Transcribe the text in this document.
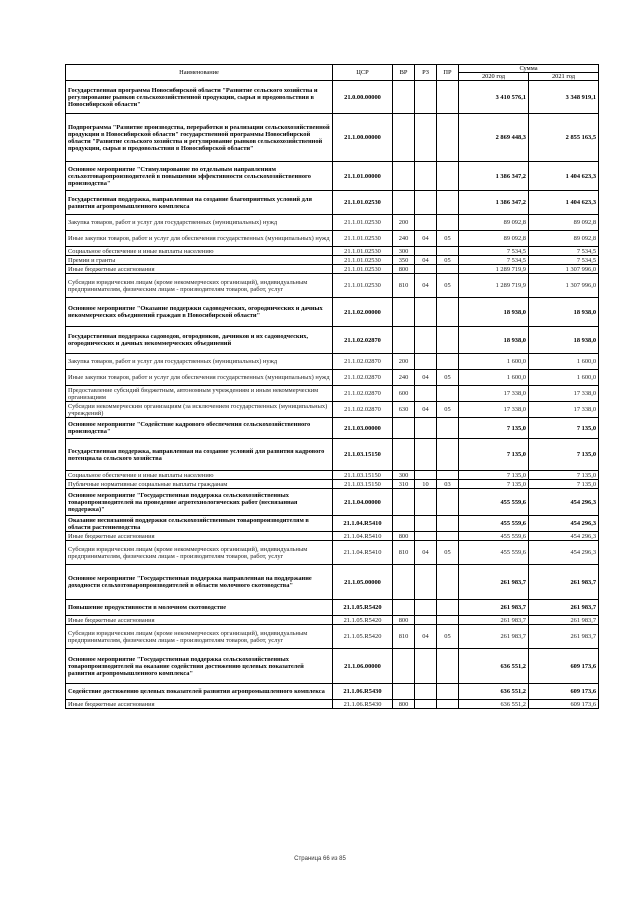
Наименование	ЦСР	ВР	РЗ	ПР	Сумма	
					2020 год	2021 год
Государственная программа Новосибирской области "Развитие сельского хозяйства и регулирование рынков сельскохозяйственной продукции, сырья и продовольствия в Новосибирской области"	21.0.00.00000				3 410 576,1	3 348 919,1
Подпрограмма "Развитие производства, переработки и реализации сельскохозяйственной продукции в Новосибирской области" государственной программы Новосибирской области "Развитие сельского хозяйства и регулирование рынков сельскохозяйственной продукции, сырья и продовольствия в Новосибирской области"	21.1.00.00000				2 869 448,3	2 855 163,5
Основное мероприятие "Стимулирование по отдельным направлениям сельхозтоваропроизводителей в повышении эффективности сельскохозяйственного производства"	21.1.01.00000				1 386 347,2	1 404 623,3
Государственная поддержка, направленная на создание благоприятных условий для развития агропромышленного комплекса	21.1.01.02530				1 386 347,2	1 404 623,3
Закупка товаров, работ и услуг для государственных (муниципальных) нужд	21.1.01.02530	200			89 092,8	89 092,8
Иные закупки товаров, работ и услуг для обеспечения государственных (муниципальных) нужд	21.1.01.02530	240	04	05	89 092,8	89 092,8
Социальное обеспечение и иные выплаты населению	21.1.01.02530	300			7 534,5	7 534,5
Премии и гранты	21.1.01.02530	350	04	05	7 534,5	7 534,5
Иные бюджетные ассигнования	21.1.01.02530	800			1 289 719,9	1 307 996,0
Субсидии юридическим лицам (кроме некоммерческих организаций), индивидуальным предпринимателям, физическим лицам - производителям товаров, работ, услуг	21.1.01.02530	810	04	05	1 289 719,9	1 307 996,0
Основное мероприятие "Оказание поддержки садоводческих, огороднических и дачных некоммерческих объединений граждан в Новосибирской области"	21.1.02.00000				18 938,0	18 938,0
Государственная поддержка садоводов, огородников, дачников и их садоводческих, огороднических и дачных некоммерческих объединений	21.1.02.02870				18 938,0	18 938,0
Закупка товаров, работ и услуг для государственных (муниципальных) нужд	21.1.02.02870	200			1 600,0	1 600,0
Иные закупки товаров, работ и услуг для обеспечения государственных (муниципальных) нужд	21.1.02.02870	240	04	05	1 600,0	1 600,0
Предоставление субсидий бюджетным, автономным учреждениям и иным некоммерческим организациям	21.1.02.02870	600			17 338,0	17 338,0
Субсидии некоммерческим организациям (за исключением государственных (муниципальных) учреждений)	21.1.02.02870	630	04	05	17 338,0	17 338,0
Основное мероприятие "Содействие кадрового обеспечения сельскохозяйственного производства"	21.1.03.00000				7 135,0	7 135,0
Государственная поддержка, направленная на создание условий для развития кадрового потенциала сельского хозяйства	21.1.03.15150				7 135,0	7 135,0
Социальное обеспечение и иные выплаты населению	21.1.03.15150	300			7 135,0	7 135,0
Публичные нормативные социальные выплаты гражданам	21.1.03.15150	310	10	03	7 135,0	7 135,0
Основное мероприятие "Государственная поддержка сельскохозяйственных товаропроизводителей на проведение агротехнологических работ (несвязанная поддержка)"	21.1.04.00000				455 559,6	454 296,3
Оказание несвязанной поддержки сельскохозяйственным товаропроизводителям в области растениеводства	21.1.04.R5410				455 559,6	454 296,3
Иные бюджетные ассигнования	21.1.04.R5410	800			455 559,6	454 296,3
Субсидии юридическим лицам (кроме некоммерческих организаций), индивидуальным предпринимателям, физическим лицам - производителям товаров, работ, услуг	21.1.04.R5410	810	04	05	455 559,6	454 296,3
Основное мероприятие "Государственная поддержка направленная на поддержание доходности сельхозтоваропроизводителей в области молочного скотоводства"	21.1.05.00000				261 983,7	261 983,7
Повышение продуктивности в молочном скотоводстве	21.1.05.R5420				261 983,7	261 983,7
Иные бюджетные ассигнования	21.1.05.R5420	800			261 983,7	261 983,7
Субсидии юридическим лицам (кроме некоммерческих организаций), индивидуальным предпринимателям, физическим лицам - производителям товаров, работ, услуг	21.1.05.R5420	810	04	05	261 983,7	261 983,7
Основное мероприятие "Государственная поддержка сельскохозяйственных товаропроизводителей на оказание содействия достижению целевых показателей развития агропромышленного комплекса"	21.1.06.00000				636 551,2	609 173,6
Содействие достижению целевых показателей развития агропромышленного комплекса	21.1.06.R5430				636 551,2	609 173,6
Иные бюджетные ассигнования	21.1.06.R5430	800			636 551,2	609 173,6
Страница 66 из 85
